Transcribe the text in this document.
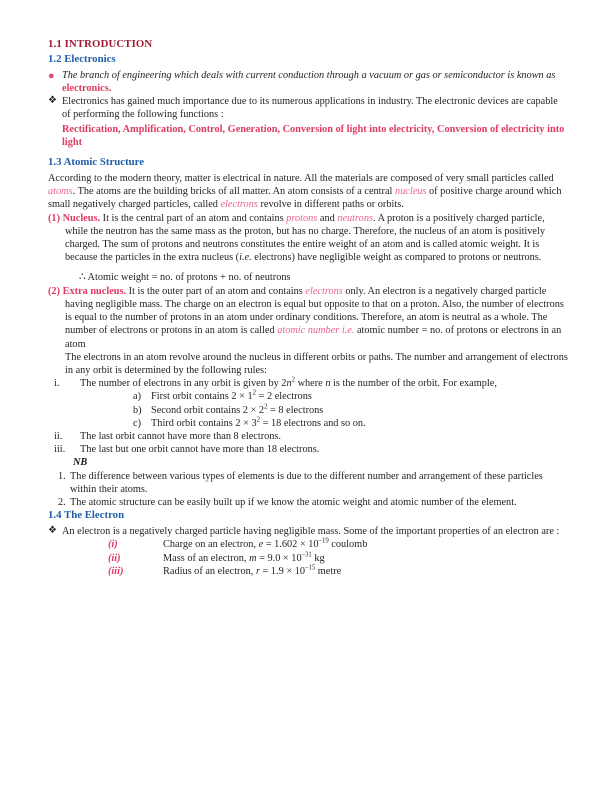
1.1 INTRODUCTION
1.2 Electronics
● The branch of engineering which deals with current conduction through a vacuum or gas or semiconductor is known as electronics.
❖ Electronics has gained much importance due to its numerous applications in industry. The electronic devices are capable of performing the following functions :
Rectification, Amplification, Control, Generation, Conversion of light into electricity, Conversion of electricity into light
1.3 Atomic Structure

According to the modern theory, matter is electrical in nature. All the materials are composed of very small particles called atoms. The atoms are the building bricks of all matter. An atom consists of a central nucleus of positive charge around which small negatively charged particles, called electrons revolve in different paths or orbits.

(1) Nucleus. It is the central part of an atom and contains protons and neutrons. A proton is a positively charged particle, while the neutron has the same mass as the proton, but has no charge. Therefore, the nucleus of an atom is positively charged. The sum of protons and neutrons constitutes the entire weight of an atom and is called atomic weight. It is because the particles in the extra nucleus (i.e. electrons) have negligible weight as compared to protons or neutrons.

∴ Atomic weight = no. of protons + no. of neutrons

(2) Extra nucleus. It is the outer part of an atom and contains electrons only. An electron is a negatively charged particle having negligible mass. The charge on an electron is equal but opposite to that on a proton. Also, the number of electrons is equal to the number of protons in an atom under ordinary conditions. Therefore, an atom is neutral as a whole. The number of electrons or protons in an atom is called atomic number i.e. atomic number = no. of protons or electrons in an atom

The electrons in an atom revolve around the nucleus in different orbits or paths. The number and arrangement of electrons in any orbit is determined by the following rules:

i.	The number of electrons in any orbit is given by $2n^2$ where n is the number of the orbit. For example,
a) First orbit contains $2 \times 1^2 = 2$ electrons
b) Second orbit contains $2 \times 2^2 = 8$ electrons
c) Third orbit contains $2 \times 3^2 = 18$ electrons and so on.
ii.	The last orbit cannot have more than 8 electrons.
iii.	The last but one orbit cannot have more than 18 electrons.
NB
1. The difference between various types of elements is due to the different number and arrangement of these particles within their atoms.
2. The atomic structure can be easily built up if we know the atomic weight and atomic number of the element.
1.4 The Electron
❖ An electron is a negatively charged particle having negligible mass. Some of the important properties of an electron are :
(i)	Charge on an electron, $e = 1.602 \times 10^{-19}$ coulomb
(ii)	Mass of an electron, $m = 9.0 \times 10^{-31}$ kg
(iii)	Radius of an electron, $r = 1.9 \times 10^{-15}$ metre
